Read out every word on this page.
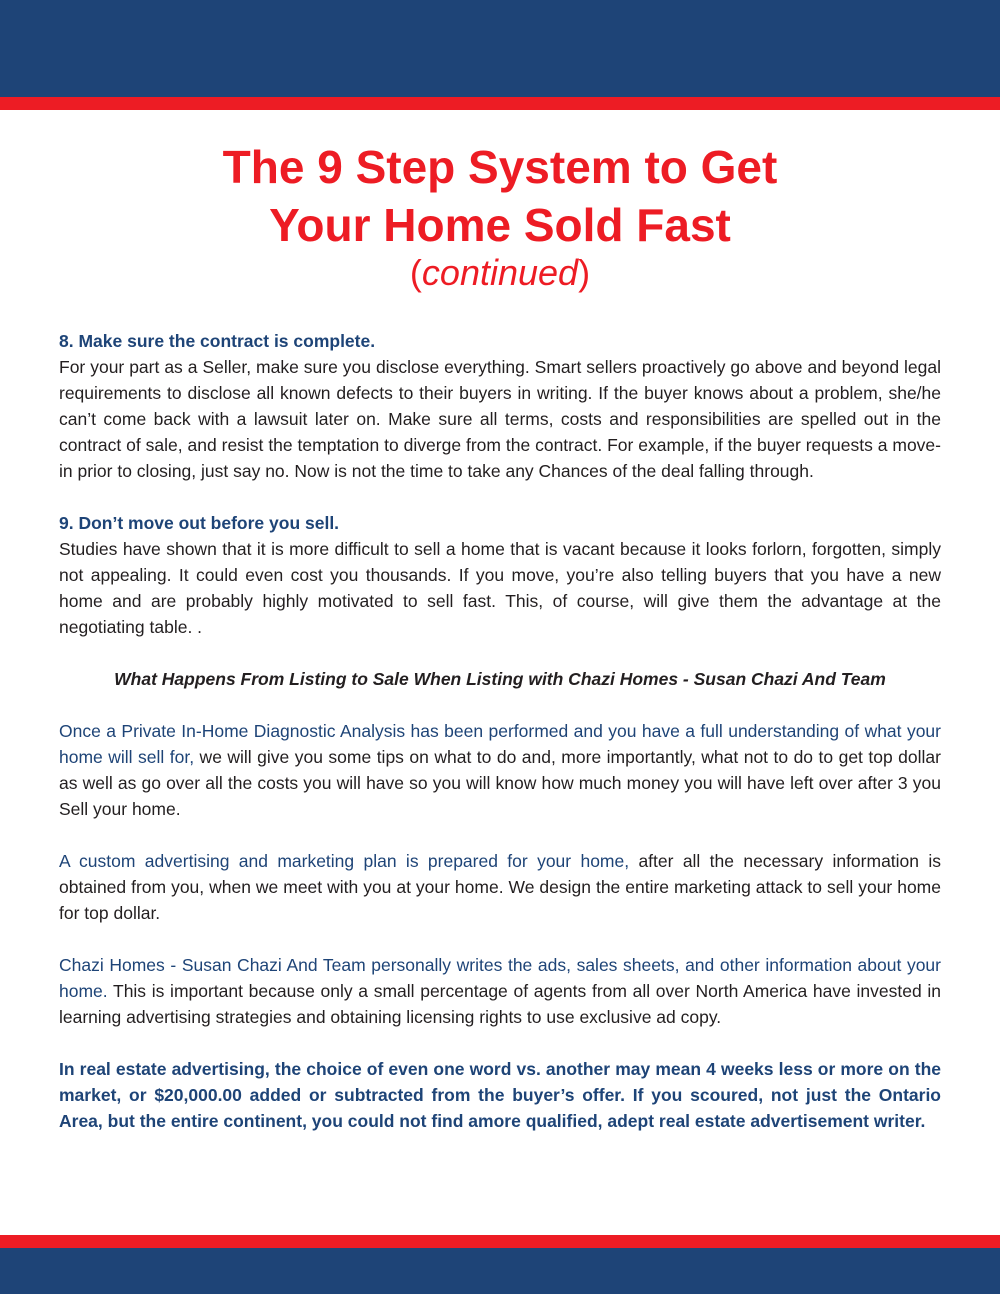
The 9 Step System to Get
Your Home Sold Fast
(continued)

8. Make sure the contract is complete.

For your part as a Seller, make sure you disclose everything. Smart sellers proactively go above and beyond legal requirements to disclose all known defects to their buyers in writing. If the buyer knows about a problem, she/he can’t come back with a lawsuit later on. Make sure all terms, costs and responsibilities are spelled out in the contract of sale, and resist the temptation to diverge from the contract. For example, if the buyer requests a move-in prior to closing, just say no. Now is not the time to take any Chances of the deal falling through.

9. Don’t move out before you sell.

Studies have shown that it is more difficult to sell a home that is vacant because it looks forlorn, forgotten, simply not appealing. It could even cost you thousands. If you move, you’re also telling buyers that you have a new home and are probably highly motivated to sell fast. This, of course, will give them the advantage at the negotiating table. .

What Happens From Listing to Sale When Listing with Chazi Homes - Susan Chazi And Team

Once a Private In-Home Diagnostic Analysis has been performed and you have a full understanding of what your home will sell for, we will give you some tips on what to do and, more importantly, what not to do to get top dollar as well as go over all the costs you will have so you will know how much money you will have left over after 3 you Sell your home.

A custom advertising and marketing plan is prepared for your home, after all the necessary information is obtained from you, when we meet with you at your home. We design the entire marketing attack to sell your home for top dollar.

Chazi Homes - Susan Chazi And Team personally writes the ads, sales sheets, and other information about your home. This is important because only a small percentage of agents from all over North America have invested in learning advertising strategies and obtaining licensing rights to use exclusive ad copy.

In real estate advertising, the choice of even one word vs. another may mean 4 weeks less or more on the market, or $20,000.00 added or subtracted from the buyer’s offer. If you scoured, not just the Ontario Area, but the entire continent, you could not find amore qualified, adept real estate advertisement writer.
